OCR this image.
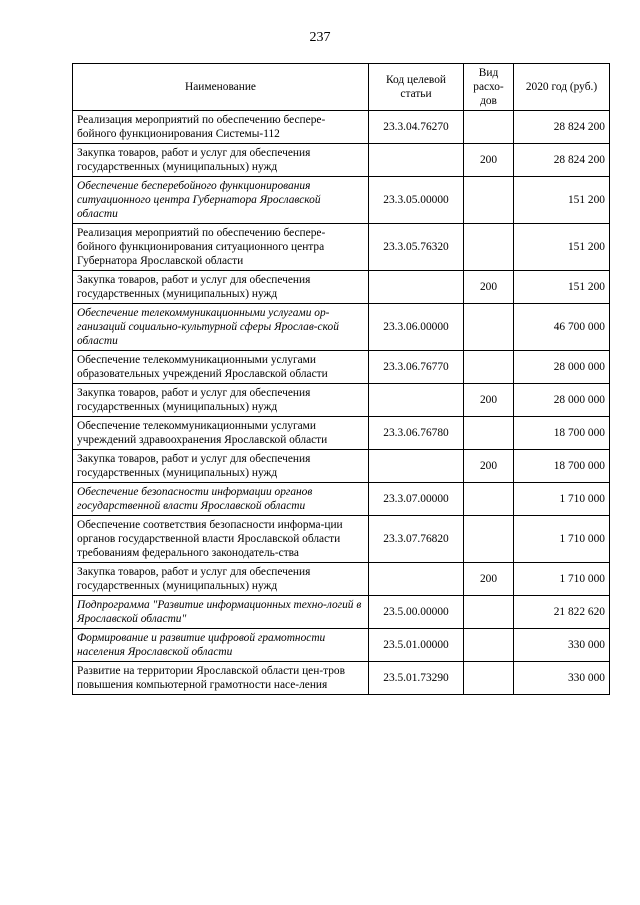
237
Наименование	Код целевой статьи	Вид расхо-дов	2020 год (руб.)
Реализация мероприятий по обеспечению беспере-бойного функционирования Системы-112	23.3.04.76270		28 824 200
Закупка товаров, работ и услуг для обеспечения государственных (муниципальных) нужд		200	28 824 200
Обеспечение бесперебойного функционирования ситуационного центра Губернатора Ярославской области	23.3.05.00000		151 200
Реализация мероприятий по обеспечению беспере-бойного функционирования ситуационного центра Губернатора Ярославской области	23.3.05.76320		151 200
Закупка товаров, работ и услуг для обеспечения государственных (муниципальных) нужд		200	151 200
Обеспечение телекоммуникационными услугами ор-ганизаций социально-культурной сферы Ярослав-ской области	23.3.06.00000		46 700 000
Обеспечение телекоммуникационными услугами образовательных учреждений Ярославской области	23.3.06.76770		28 000 000
Закупка товаров, работ и услуг для обеспечения государственных (муниципальных) нужд		200	28 000 000
Обеспечение телекоммуникационными услугами учреждений здравоохранения Ярославской области	23.3.06.76780		18 700 000
Закупка товаров, работ и услуг для обеспечения государственных (муниципальных) нужд		200	18 700 000
Обеспечение безопасности информации органов государственной власти Ярославской области	23.3.07.00000		1 710 000
Обеспечение соответствия безопасности информа-ции органов государственной власти Ярославской области требованиям федерального законодатель-ства	23.3.07.76820		1 710 000
Закупка товаров, работ и услуг для обеспечения государственных (муниципальных) нужд		200	1 710 000
Подпрограмма "Развитие информационных техно-логий в Ярославской области"	23.5.00.00000		21 822 620
Формирование и развитие цифровой грамотности населения Ярославской области	23.5.01.00000		330 000
Развитие на территории Ярославской области цен-тров повышения компьютерной грамотности насе-ления	23.5.01.73290		330 000
